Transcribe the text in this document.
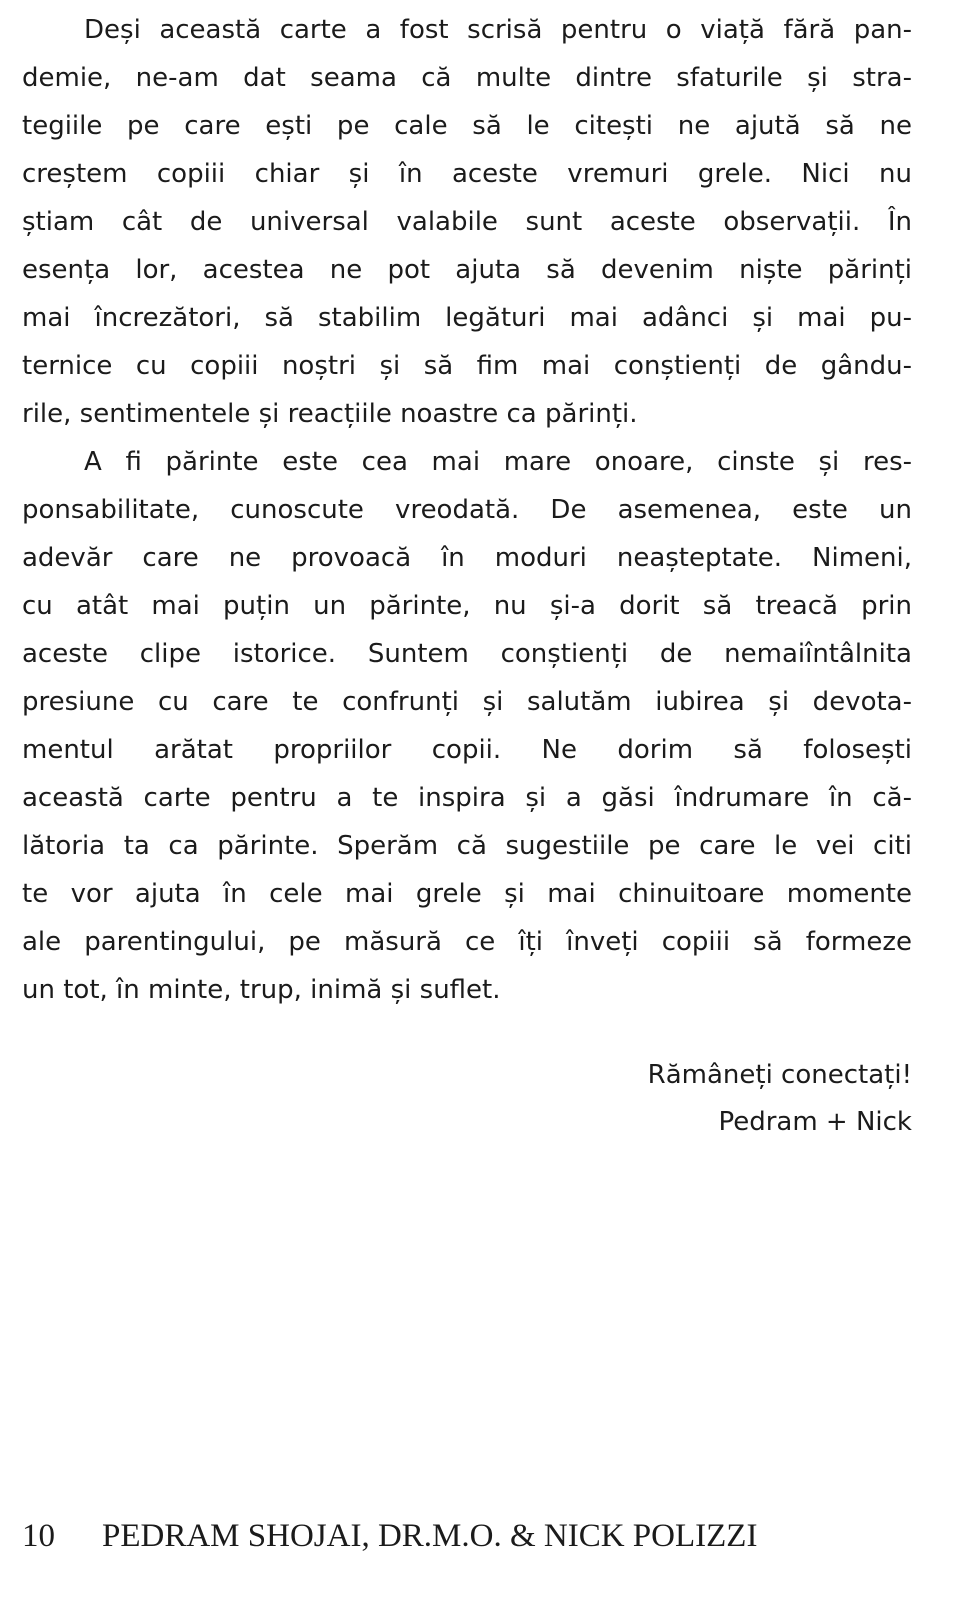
Deși această carte a fost scrisă pentru o viață fără pan-
demie, ne-am dat seama că multe dintre sfaturile și stra-
tegiile pe care ești pe cale să le citești ne ajută să ne
creștem copiii chiar și în aceste vremuri grele. Nici nu
știam cât de universal valabile sunt aceste observații. În
esența lor, acestea ne pot ajuta să devenim niște părinți
mai încrezători, să stabilim legături mai adânci și mai pu-
ternice cu copiii noștri și să fim mai conștienți de gându-
rile, sentimentele și reacțiile noastre ca părinți.
A fi părinte este cea mai mare onoare, cinste și res-
ponsabilitate, cunoscute vreodată. De asemenea, este un
adevăr care ne provoacă în moduri neașteptate. Nimeni,
cu atât mai puțin un părinte, nu și-a dorit să treacă prin
aceste clipe istorice. Suntem conștienți de nemaiîntâlnita
presiune cu care te confrunți și salutăm iubirea și devota-
mentul arătat propriilor copii. Ne dorim să folosești
această carte pentru a te inspira și a găsi îndrumare în că-
lătoria ta ca părinte. Sperăm că sugestiile pe care le vei citi
te vor ajuta în cele mai grele și mai chinuitoare momente
ale parentingului, pe măsură ce îți înveți copiii să formeze
un tot, în minte, trup, inimă și suflet.
Rămâneți conectați!
Pedram + Nick
10 PEDRAM SHOJAI, DR.M.O. & NICK POLIZZI
